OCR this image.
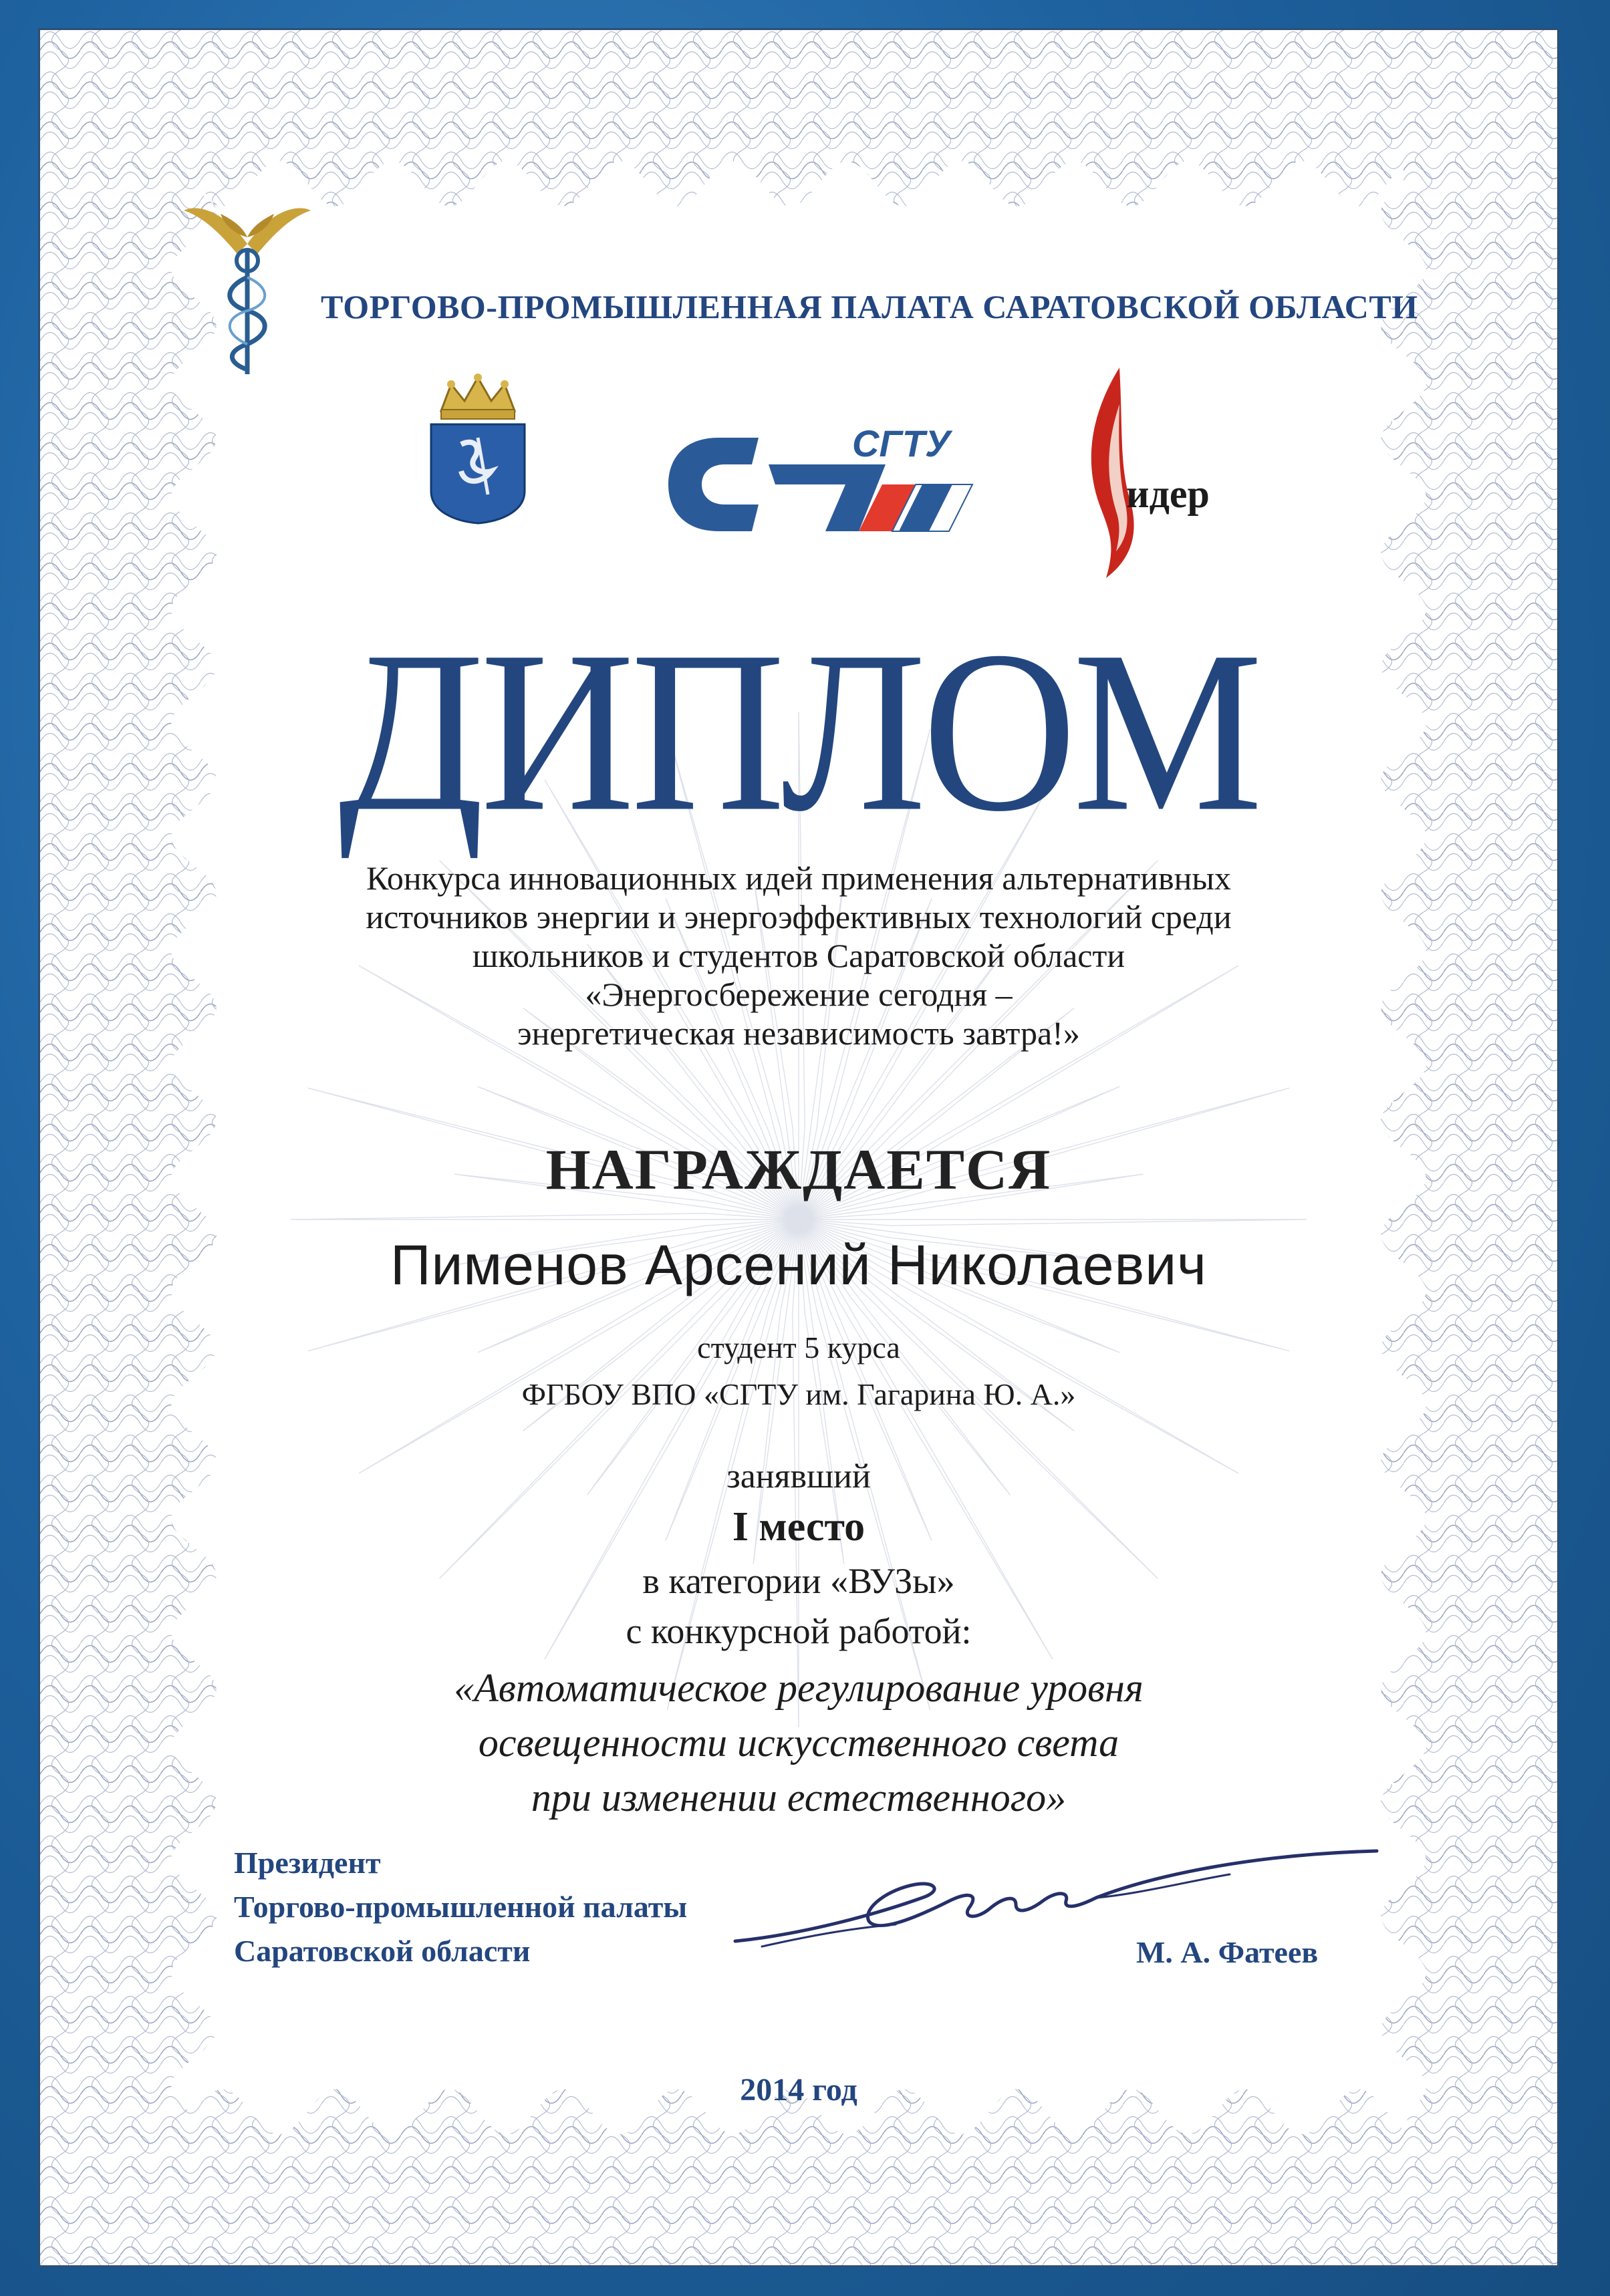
ТОРГОВО-ПРОМЫШЛЕННАЯ ПАЛАТА САРАТОВСКОЙ ОБЛАСТИ
СГТУ
идер
ДИПЛОМ
Конкурса инновационных идей применения альтернативных
источников энергии и энергоэффективных технологий среди
школьников и студентов Саратовской области
«Энергосбережение сегодня –
энергетическая независимость завтра!»
НАГРАЖДАЕТСЯ
Пименов Арсений Николаевич
студент 5 курса
ФГБОУ ВПО «СГТУ им. Гагарина Ю. А.»
занявший
I место
в категории «ВУЗы»
с конкурсной работой:
«Автоматическое регулирование уровня
освещенности искусственного света
при изменении естественного»
Президент
Торгово-промышленной палаты
Саратовской области	М. А. Фатеев
2014 год
